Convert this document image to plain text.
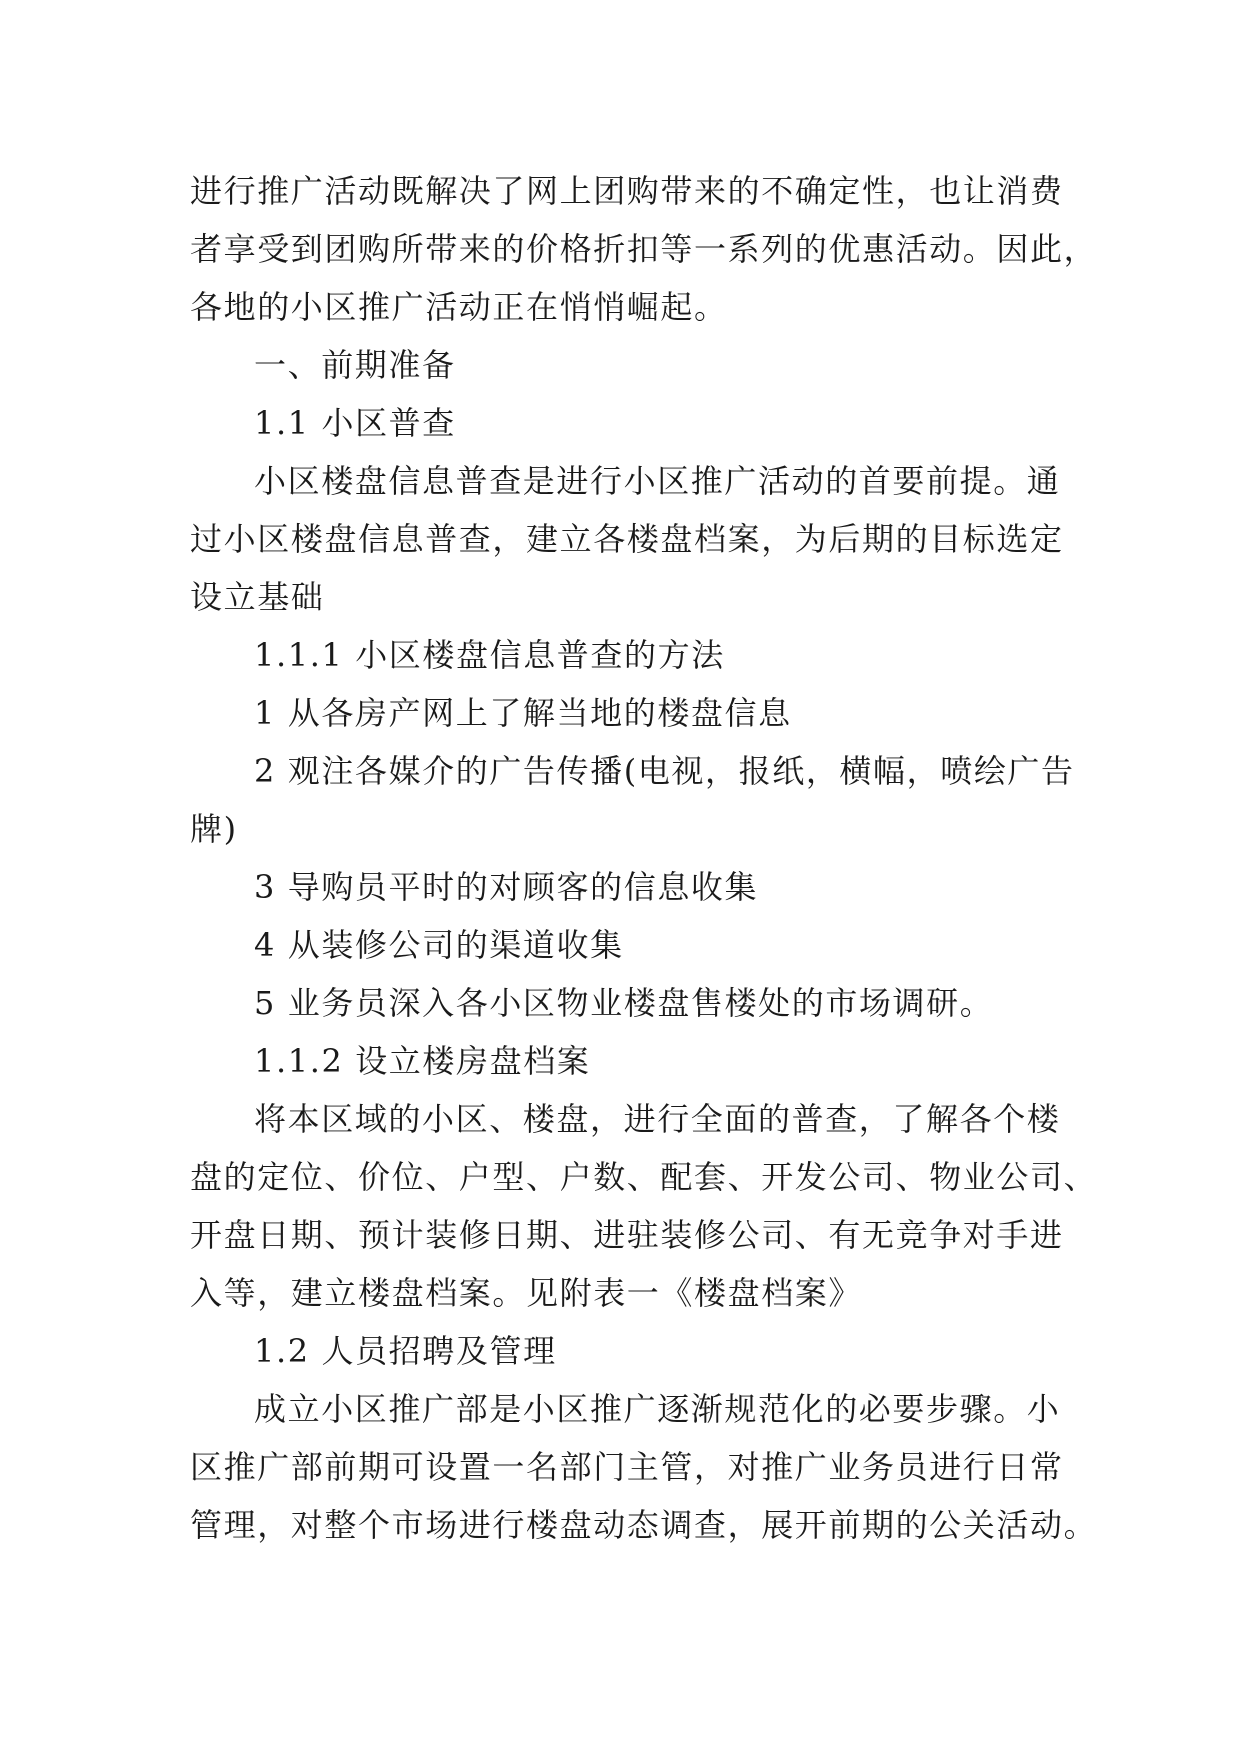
进行推广活动既解决了网上团购带来的不确定性，也让消费
者享受到团购所带来的价格折扣等一系列的优惠活动。因此，
各地的小区推广活动正在悄悄崛起。
一、前期准备
1.1 小区普查
小区楼盘信息普查是进行小区推广活动的首要前提。通
过小区楼盘信息普查，建立各楼盘档案，为后期的目标选定
设立基础
1.1.1 小区楼盘信息普查的方法
1 从各房产网上了解当地的楼盘信息
2 观注各媒介的广告传播(电视，报纸，横幅，喷绘广告
牌)
3 导购员平时的对顾客的信息收集
4 从装修公司的渠道收集
5 业务员深入各小区物业楼盘售楼处的市场调研。
1.1.2 设立楼房盘档案
将本区域的小区、楼盘，进行全面的普查，了解各个楼
盘的定位、价位、户型、户数、配套、开发公司、物业公司、
开盘日期、预计装修日期、进驻装修公司、有无竞争对手进
入等，建立楼盘档案。见附表一《楼盘档案》
1.2 人员招聘及管理
成立小区推广部是小区推广逐渐规范化的必要步骤。小
区推广部前期可设置一名部门主管，对推广业务员进行日常
管理，对整个市场进行楼盘动态调查，展开前期的公关活动。
